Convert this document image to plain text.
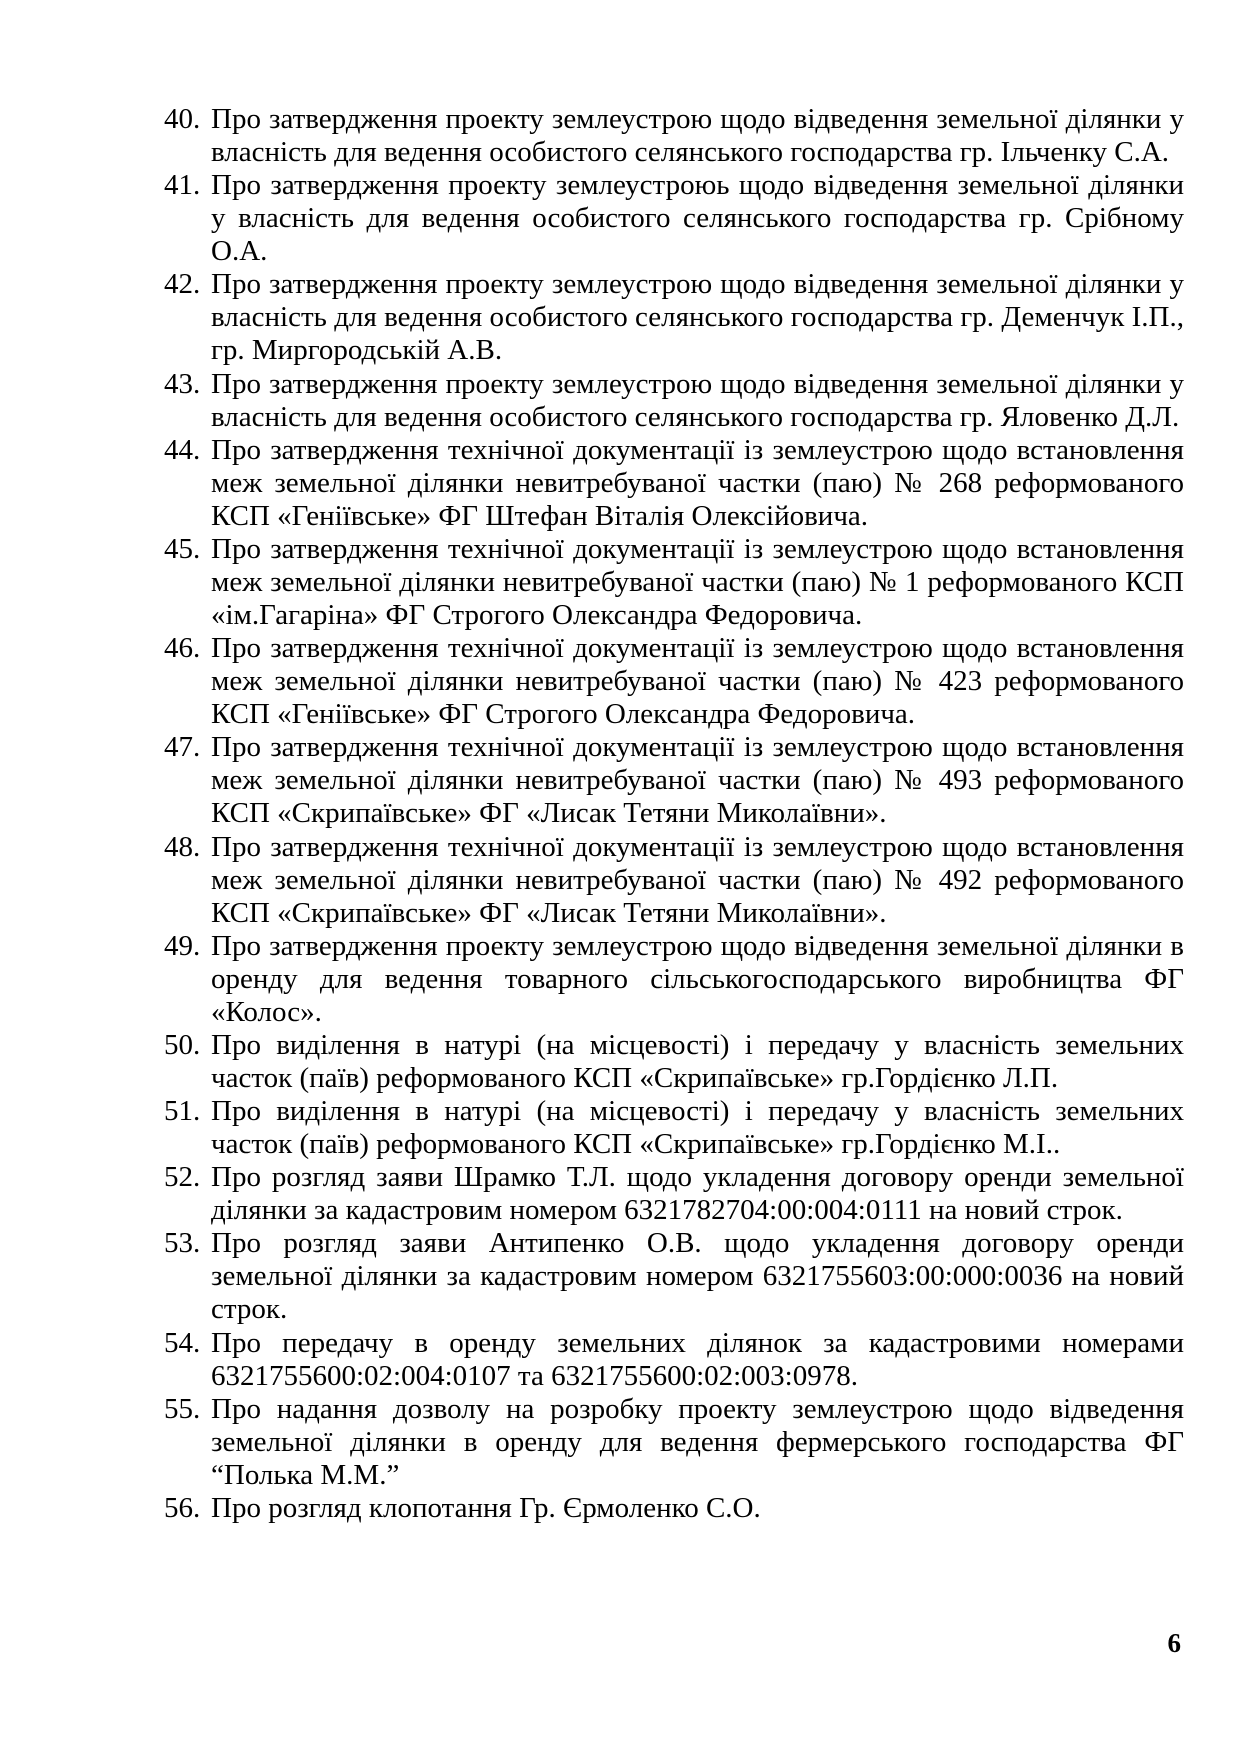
40. Про затвердження проекту землеустрою щодо відведення земельної ділянки у власність для ведення особистого селянського господарства гр. Ільченку С.А.
41. Про затвердження проекту землеустроюь щодо відведення земельної ділянки у власність для ведення особистого селянського господарства гр. Срібному О.А.
42. Про затвердження проекту землеустрою щодо відведення земельної ділянки у власність для ведення особистого селянського господарства гр. Деменчук І.П., гр. Миргородській А.В.
43. Про затвердження проекту землеустрою щодо відведення земельної ділянки у власність для ведення особистого селянського господарства гр. Яловенко Д.Л.
44. Про затвердження технічної документації із землеустрою щодо встановлення меж земельної ділянки невитребуваної частки (паю) № 268 реформованого КСП «Геніївське» ФГ Штефан Віталія Олексійовича.
45. Про затвердження технічної документації із землеустрою щодо встановлення меж земельної ділянки невитребуваної частки (паю) № 1 реформованого КСП «ім.Гагаріна» ФГ Строгого Олександра Федоровича.
46. Про затвердження технічної документації із землеустрою щодо встановлення меж земельної ділянки невитребуваної частки (паю) № 423 реформованого КСП «Геніївське» ФГ Строгого Олександра Федоровича.
47. Про затвердження технічної документації із землеустрою щодо встановлення меж земельної ділянки невитребуваної частки (паю) № 493 реформованого КСП «Скрипаївське» ФГ «Лисак Тетяни Миколаївни».
48. Про затвердження технічної документації із землеустрою щодо встановлення меж земельної ділянки невитребуваної частки (паю) № 492 реформованого КСП «Скрипаївське» ФГ «Лисак Тетяни Миколаївни».
49. Про затвердження проекту землеустрою щодо відведення земельної ділянки в оренду для ведення товарного сільськогосподарського виробництва ФГ «Колос».
50. Про виділення в натурі (на місцевості) і передачу у власність земельних часток (паїв) реформованого КСП «Скрипаївське» гр.Гордієнко Л.П.
51. Про виділення в натурі (на місцевості) і передачу у власність земельних часток (паїв) реформованого КСП «Скрипаївське» гр.Гордієнко М.І..
52. Про розгляд заяви Шрамко Т.Л. щодо укладення договору оренди земельної ділянки за кадастровим номером 6321782704:00:004:0111 на новий строк.
53. Про розгляд заяви Антипенко О.В. щодо укладення договору оренди земельної ділянки за кадастровим номером 6321755603:00:000:0036 на новий строк.
54. Про передачу в оренду земельних ділянок за кадастровими номерами 6321755600:02:004:0107 та 6321755600:02:003:0978.
55. Про надання дозволу на розробку проекту землеустрою щодо відведення земельної ділянки в оренду для ведення фермерського господарства ФГ “Полька М.М.”
56. Про розгляд клопотання Гр. Єрмоленко С.О.
6
